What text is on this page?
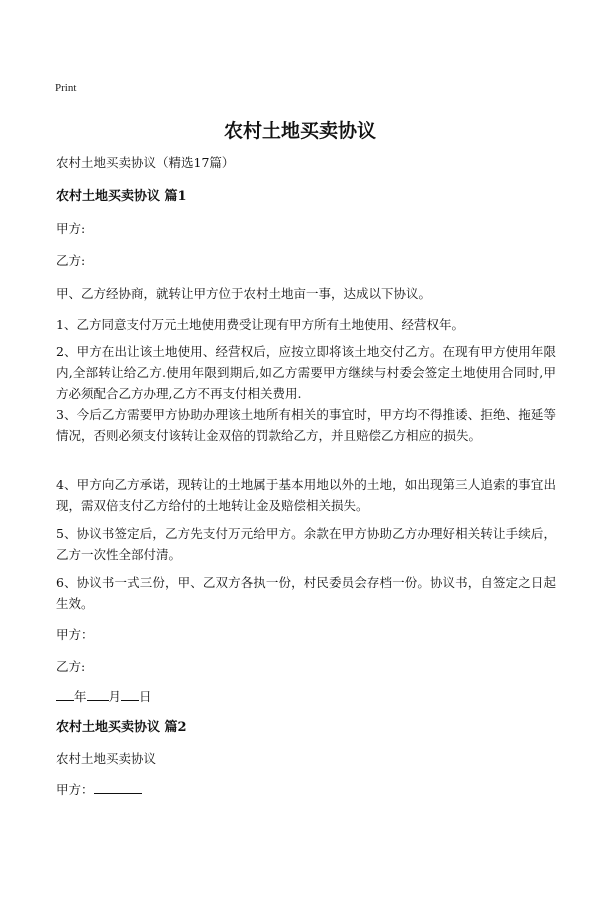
Print
农村土地买卖协议
农村土地买卖协议（精选17篇）
农村土地买卖协议 篇1
甲方:
乙方:
甲、乙方经协商，就转让甲方位于农村土地亩一事，达成以下协议。
1、乙方同意支付万元土地使用费受让现有甲方所有土地使用、经营权年。
2、甲方在出让该土地使用、经营权后，应按立即将该土地交付乙方。在现有甲方使用年限内,全部转让给乙方.使用年限到期后,如乙方需要甲方继续与村委会签定土地使用合同时,甲方必须配合乙方办理,乙方不再支付相关费用.
3、今后乙方需要甲方协助办理该土地所有相关的事宜时，甲方均不得推诿、拒绝、拖延等情况，否则必须支付该转让金双倍的罚款给乙方，并且赔偿乙方相应的损失。
4、甲方向乙方承诺，现转让的土地属于基本用地以外的土地，如出现第三人追索的事宜出现，需双倍支付乙方给付的土地转让金及赔偿相关损失。
5、协议书签定后，乙方先支付万元给甲方。余款在甲方协助乙方办理好相关转让手续后，乙方一次性全部付清。
6、协议书一式三份，甲、乙双方各执一份，村民委员会存档一份。协议书，自签定之日起生效。
甲方：
乙方:
年 月 日
农村土地买卖协议 篇2
农村土地买卖协议
甲方：
